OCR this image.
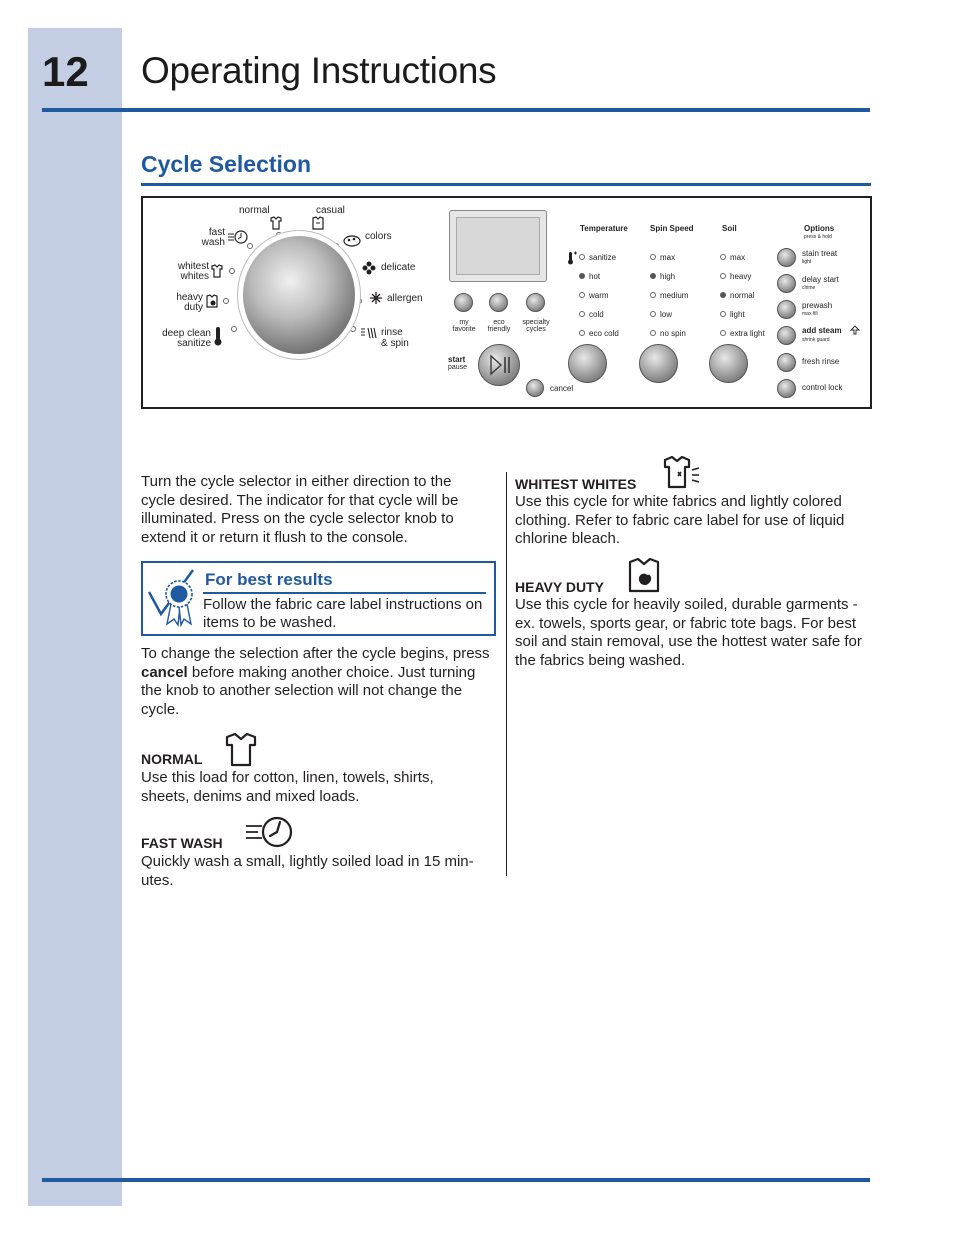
12 Operating Instructions
Cycle Selection
normal	casual
fast
wash
whitest
whites
heavy
duty
deep clean
sanitize
colors
delicate
allergen
rinse
& spin
my
favorite
eco
friendly
specialty
cycles
start
pause
cancel
Temperature
sanitize
hot
warm
cold
eco cold
Spin Speed
max
high
medium
low
no spin
Soil
max
heavy
normal
light
extra light
Options
press & hold
stain treat
light
delay start
chime
prewash
max fill
add steam
shrink guard
fresh rinse
control lock
Turn the cycle selector in either direction to the cycle desired. The indicator for that cycle will be illuminated. Press on the cycle selector knob to extend it or return it flush to the console.
For best results
Follow the fabric care label instructions on items to be washed.
To change the selection after the cycle begins, press cancel before making another choice. Just turning the knob to another selection will not change the cycle.
NORMAL
Use this load for cotton, linen, towels, shirts, sheets, denims and mixed loads.
FAST WASH
Quickly wash a small, lightly soiled load in 15 min-utes.
WHITEST WHITES
Use this cycle for white fabrics and lightly colored clothing. Refer to fabric care label for use of liquid chlorine bleach.
HEAVY DUTY
Use this cycle for heavily soiled, durable garments - ex. towels, sports gear, or fabric tote bags. For best soil and stain removal, use the hottest water safe for the fabrics being washed.
